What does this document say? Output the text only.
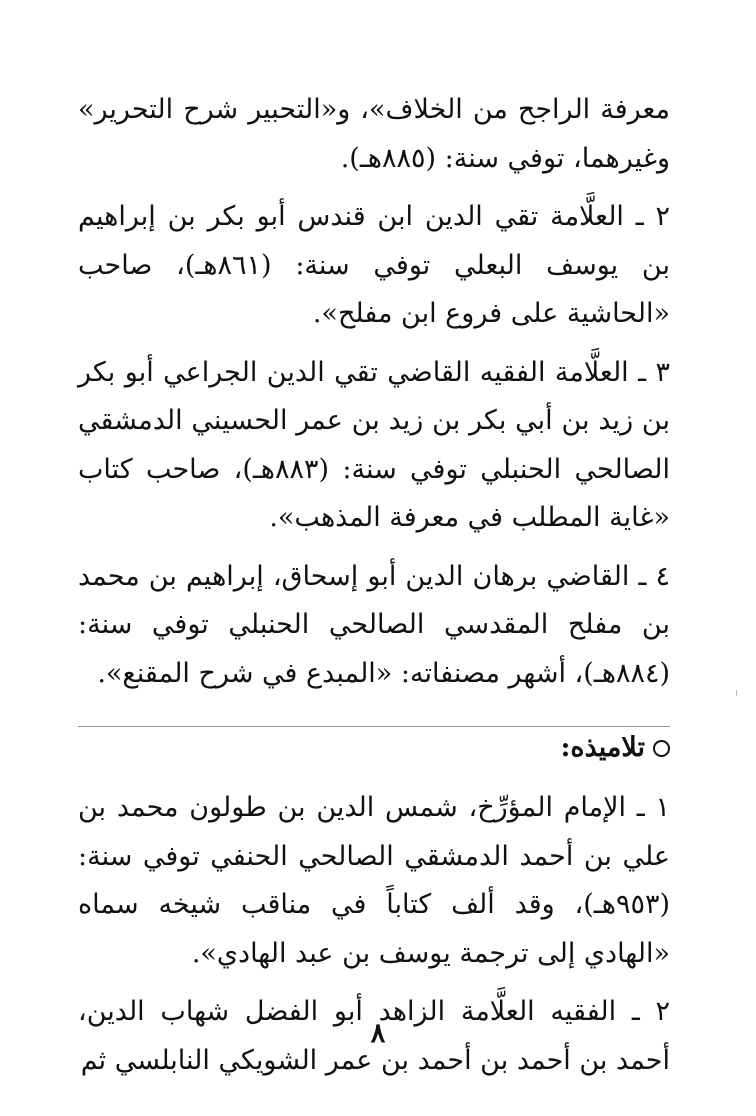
معرفة الراجح من الخلاف»، و«التحبير شرح التحرير» وغيرهما، توفي سنة: (٨٨٥هـ).

٢ ـ العلَّامة تقي الدين ابن قندس أبو بكر بن إبراهيم بن يوسف البعلي توفي سنة: (٨٦١هـ)، صاحب «الحاشية على فروع ابن مفلح».

٣ ـ العلَّامة الفقيه القاضي تقي الدين الجراعي أبو بكر بن زيد بن أبي بكر بن زيد بن عمر الحسيني الدمشقي الصالحي الحنبلي توفي سنة: (٨٨٣هـ)، صاحب كتاب «غاية المطلب في معرفة المذهب».

٤ ـ القاضي برهان الدين أبو إسحاق، إبراهيم بن محمد بن مفلح المقدسي الصالحي الحنبلي توفي سنة: (٨٨٤هـ)، أشهر مصنفاته: «المبدع في شرح المقنع».

تلاميذه:

١ ـ الإمام المؤرِّخ، شمس الدين بن طولون محمد بن علي بن أحمد الدمشقي الصالحي الحنفي توفي سنة: (٩٥٣هـ)، وقد ألف كتاباً في مناقب شيخه سماه «الهادي إلى ترجمة يوسف بن عبد الهادي».

٢ ـ الفقيه العلَّامة الزاهد أبو الفضل شهاب الدين، أحمد بن أحمد بن أحمد بن عمر الشويكي النابلسي ثم

٨
